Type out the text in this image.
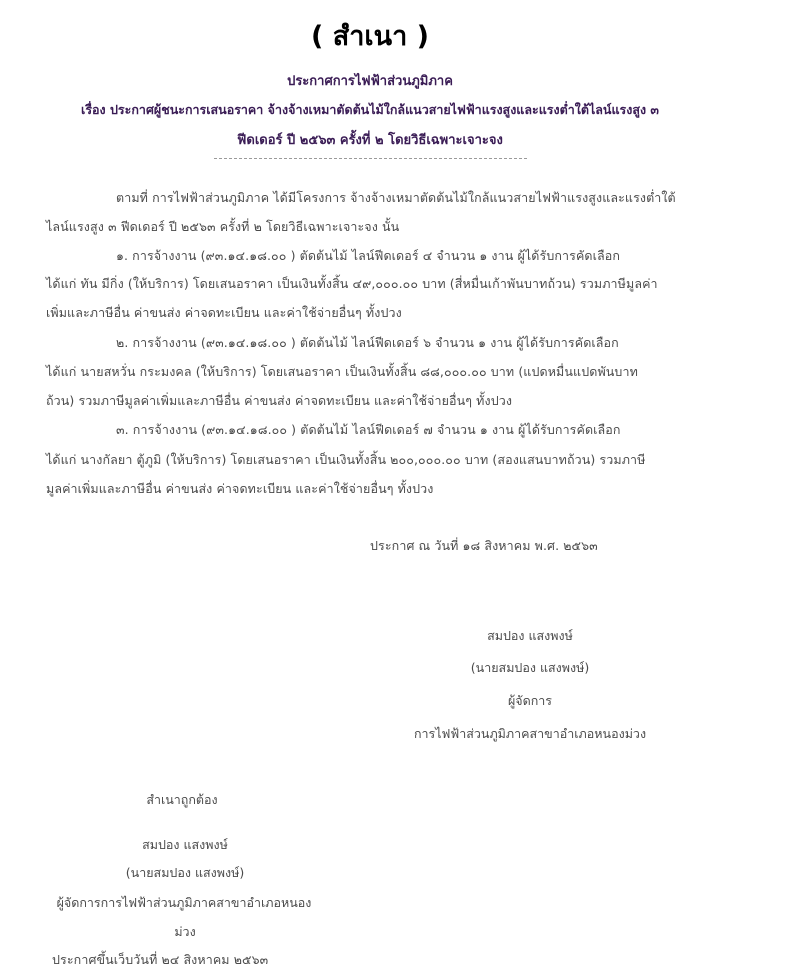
( สำเนา )
ประกาศการไฟฟ้าส่วนภูมิภาค
เรื่อง ประกาศผู้ชนะการเสนอราคา จ้างจ้างเหมาตัดต้นไม้ใกล้แนวสายไฟฟ้าแรงสูงและแรงต่ำใต้ไลน์แรงสูง ๓
ฟีดเดอร์ ปี ๒๕๖๓ ครั้งที่ ๒ โดยวิธีเฉพาะเจาะจง
ตามที่ การไฟฟ้าส่วนภูมิภาค ได้มีโครงการ จ้างจ้างเหมาตัดต้นไม้ใกล้แนวสายไฟฟ้าแรงสูงและแรงต่ำใต้
ไลน์แรงสูง ๓ ฟีดเดอร์ ปี ๒๕๖๓ ครั้งที่ ๒ โดยวิธีเฉพาะเจาะจง นั้น
๑. การจ้างงาน (๙๓.๑๔.๑๘.๐๐ ) ตัดต้นไม้ ไลน์ฟีดเดอร์ ๔ จำนวน ๑ งาน ผู้ได้รับการคัดเลือก
ได้แก่ ทัน มีกิ่ง (ให้บริการ) โดยเสนอราคา เป็นเงินทั้งสิ้น ๔๙,๐๐๐.๐๐ บาท (สี่หมื่นเก้าพันบาทถ้วน) รวมภาษีมูลค่า
เพิ่มและภาษีอื่น ค่าขนส่ง ค่าจดทะเบียน และค่าใช้จ่ายอื่นๆ ทั้งปวง
๒. การจ้างงาน (๙๓.๑๔.๑๘.๐๐ ) ตัดต้นไม้ ไลน์ฟีดเดอร์ ๖ จำนวน ๑ งาน ผู้ได้รับการคัดเลือก
ได้แก่ นายสหวั่น กระมงคล (ให้บริการ) โดยเสนอราคา เป็นเงินทั้งสิ้น ๘๘,๐๐๐.๐๐ บาท (แปดหมื่นแปดพันบาท
ถ้วน) รวมภาษีมูลค่าเพิ่มและภาษีอื่น ค่าขนส่ง ค่าจดทะเบียน และค่าใช้จ่ายอื่นๆ ทั้งปวง
๓. การจ้างงาน (๙๓.๑๔.๑๘.๐๐ ) ตัดต้นไม้ ไลน์ฟีดเดอร์ ๗ จำนวน ๑ งาน ผู้ได้รับการคัดเลือก
ได้แก่ นางกัลยา ตู้ภูมิ (ให้บริการ) โดยเสนอราคา เป็นเงินทั้งสิ้น ๒๐๐,๐๐๐.๐๐ บาท (สองแสนบาทถ้วน) รวมภาษี
มูลค่าเพิ่มและภาษีอื่น ค่าขนส่ง ค่าจดทะเบียน และค่าใช้จ่ายอื่นๆ ทั้งปวง
ประกาศ ณ วันที่ ๑๘ สิงหาคม พ.ศ. ๒๕๖๓
สมปอง แสงพงษ์
(นายสมปอง แสงพงษ์)
ผู้จัดการ
การไฟฟ้าส่วนภูมิภาคสาขาอำเภอหนองม่วง
สำเนาถูกต้อง
สมปอง แสงพงษ์
(นายสมปอง แสงพงษ์)
ผู้จัดการการไฟฟ้าส่วนภูมิภาคสาขาอำเภอหนอง
ม่วง
ประกาศขึ้นเว็บวันที่ ๒๔ สิงหาคม ๒๕๖๓
